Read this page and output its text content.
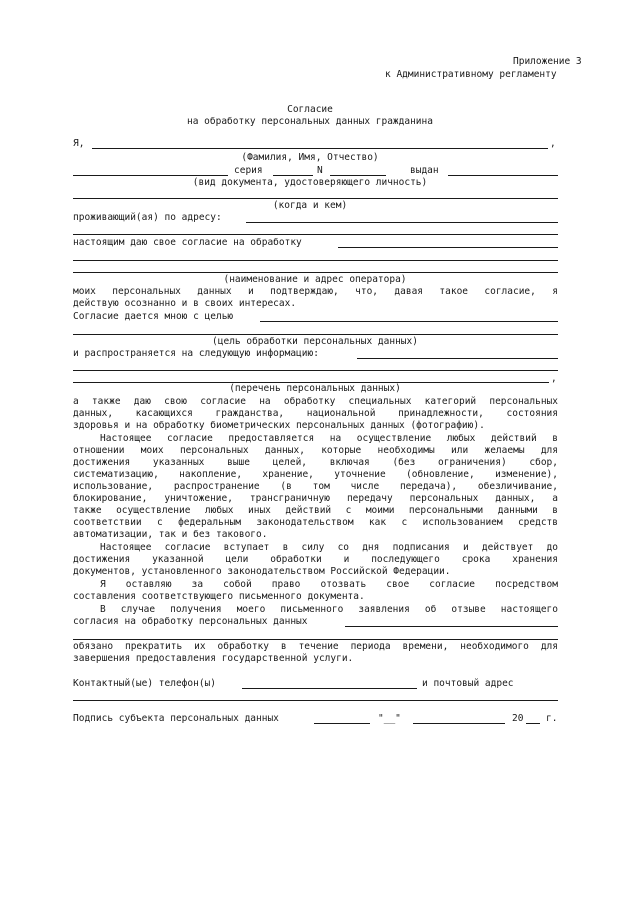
Приложение 3
к Административному регламенту
Согласие
на обработку персональных данных гражданина
Я,	,
(Фамилия, Имя, Отчество)
серия	N	выдан
(вид документа, удостоверяющего личность)
(когда и кем)
проживающий(ая) по адресу:
настоящим даю свое согласие на обработку
(наименование и адрес оператора)
моих персональных данных и подтверждаю, что, давая такое согласие, я
действую осознанно и в своих интересах.
Согласие дается мною с целью
(цель обработки персональных данных)
и распространяется на следующую информацию:
,
(перечень персональных данных)
а также даю свою согласие на обработку специальных категорий персональных
данных, касающихся гражданства, национальной принадлежности, состояния
здоровья и на обработку биометрических персональных данных (фотографию).
Настоящее согласие предоставляется на осуществление любых действий в
отношении моих персональных данных, которые необходимы или желаемы для
достижения указанных выше целей, включая (без ограничения) сбор,
систематизацию, накопление, хранение, уточнение (обновление, изменение),
использование, распространение (в том числе передача), обезличивание,
блокирование, уничтожение, трансграничную передачу персональных данных, а
также осуществление любых иных действий с моими персональными данными в
соответствии с федеральным законодательством как с использованием средств
автоматизации, так и без такового.
Настоящее согласие вступает в силу со дня подписания и действует до
достижения указанной цели обработки и последующего срока хранения
документов, установленного законодательством Российской Федерации.
Я оставляю за собой право отозвать свое согласие посредством
составления соответствующего письменного документа.
В случае получения моего письменного заявления об отзыве настоящего
согласия на обработку персональных данных
обязано прекратить их обработку в течение периода времени, необходимого для
завершения предоставления государственной услуги.
Контактный(ые) телефон(ы)	и почтовый адрес
Подпись субъекта персональных данных	"__"	20 г.
